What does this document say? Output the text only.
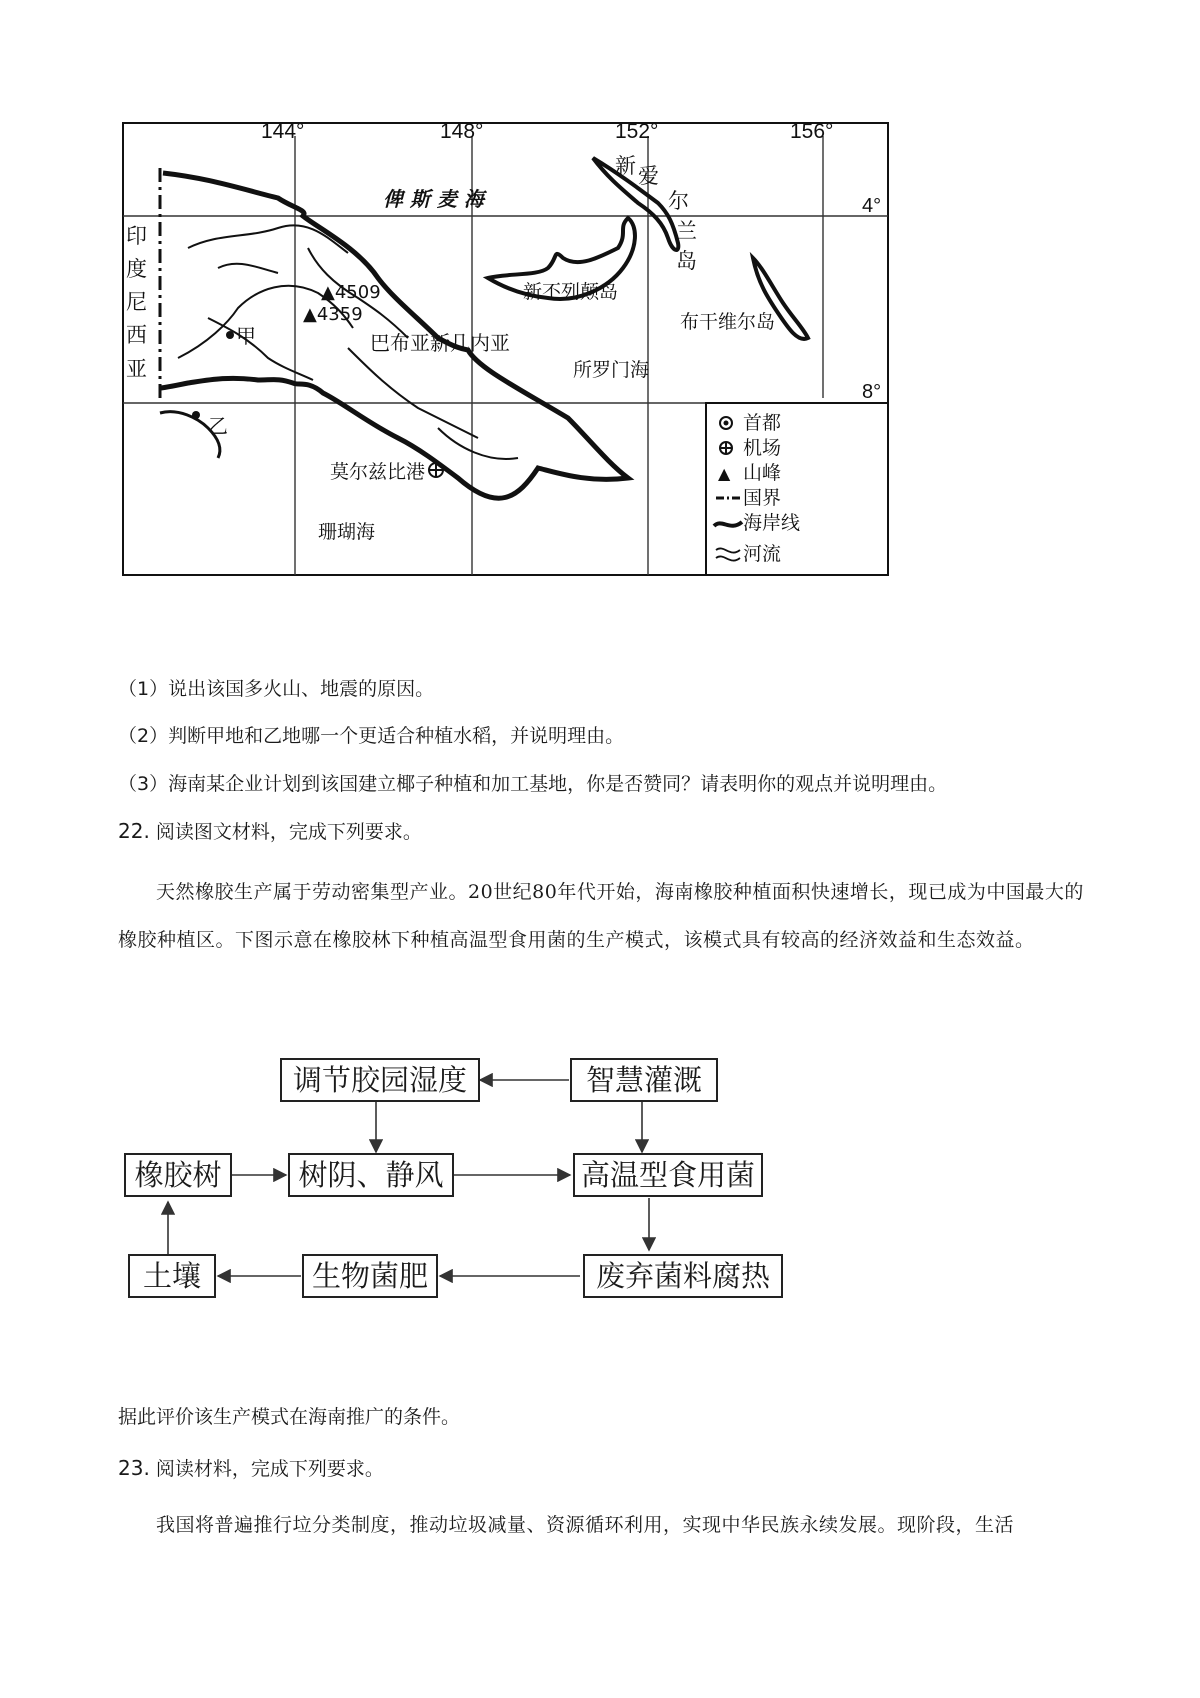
144°	148°	152°	156°
4°
8°
俾 斯 麦 海
印
度
尼
西
亚
新 爱
尔
兰
岛
新不列颠岛
布干维尔岛
▲4509
▲4359
巴布亚新几内亚
所罗门海
甲
乙
莫尔兹比港
珊瑚海
首都
机场
▲ 山峰
国界
海岸线
河流
（1）说出该国多火山、地震的原因。
（2）判断甲地和乙地哪一个更适合种植水稻，并说明理由。
（3）海南某企业计划到该国建立椰子种植和加工基地，你是否赞同？请表明你的观点并说明理由。
22. 阅读图文材料，完成下列要求。
天然橡胶生产属于劳动密集型产业。20世纪80年代开始，海南橡胶种植面积快速增长，现已成为中国最大的橡胶种植区。下图示意在橡胶林下种植高温型食用菌的生产模式，该模式具有较高的经济效益和生态效益。
调节胶园湿度	智慧灌溉
橡胶树	树阴、静风	高温型食用菌
土壤	生物菌肥	废弃菌料腐热
据此评价该生产模式在海南推广的条件。
23. 阅读材料，完成下列要求。
我国将普遍推行垃分类制度，推动垃圾减量、资源循环利用，实现中华民族永续发展。现阶段，生活
